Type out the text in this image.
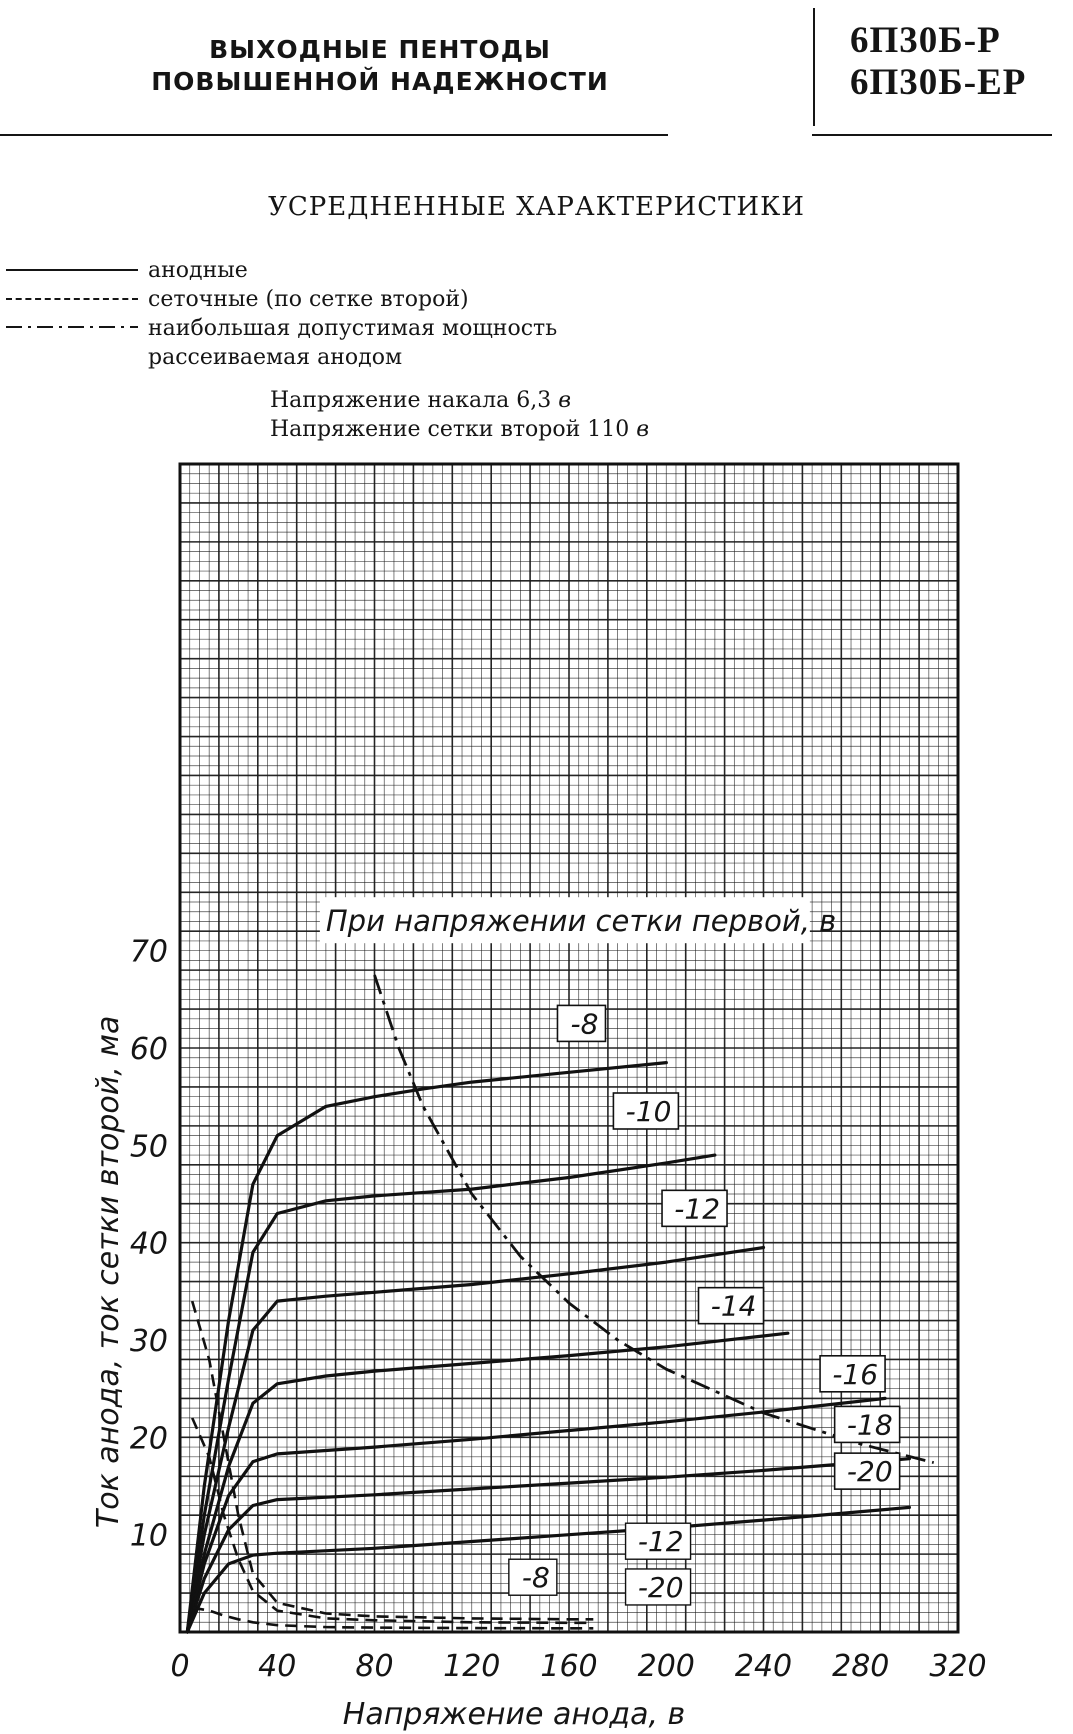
ВЫХОДНЫЕ ПЕНТОДЫ
ПОВЫШЕННОЙ НАДЕЖНОСТИ
6П30Б-Р
6П30Б-ЕР
УСРЕДНЕННЫЕ ХАРАКТЕРИСТИКИ
анодные
сеточные (по сетке второй)
наибольшая допустимая мощность
рассеиваемая анодом
Напряжение накала 6,3 в
Напряжение сетки второй 110 в
При напряжении сетки первой, в
-8
-10
-12
-14
-16
-18
-20
-8
-12
-20
0 40 80 120 160 200 240 280 320
10
20
30
40
50
60
70
Напряжение анода, в
Ток анода, ток сетки второй, ма
